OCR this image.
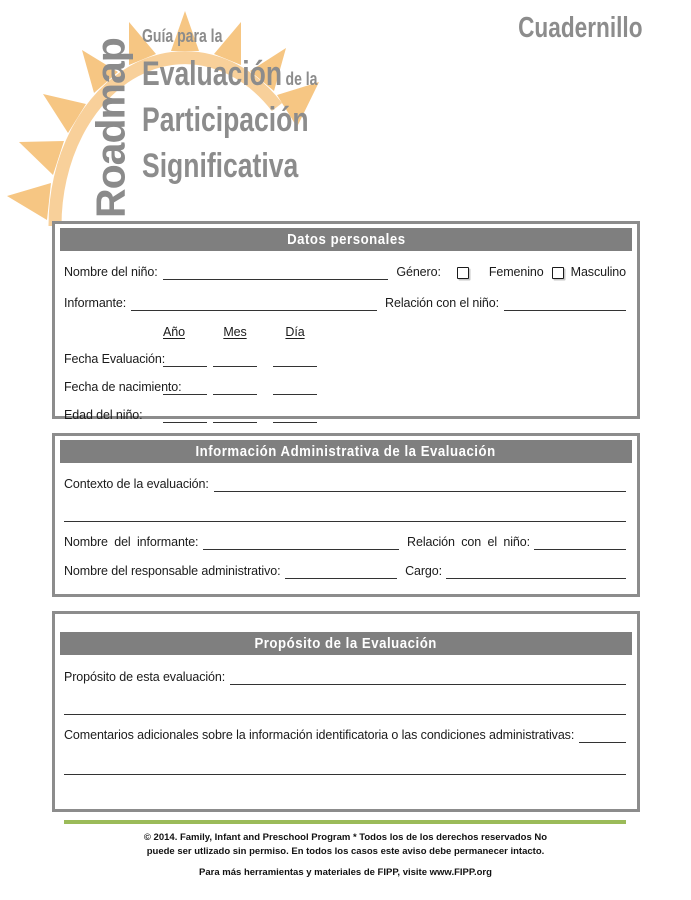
Roadmap
Guía para la
Evaluación de la
Participación
Significativa
Cuadernillo
Datos personales
Nombre del niño:	Género:	Femenino Masculino
Informante:	Relación con el niño:
Año	Mes	Día
Fecha Evaluación:
Fecha de nacimiento:
Edad del niño:
Información Administrativa de la Evaluación
Contexto de la evaluación:
Nombre del informante:	Relación con el niño:
Nombre del responsable administrativo:	Cargo:
Propósito de la Evaluación
Propósito de esta evaluación:
Comentarios adicionales sobre la información identificatoria o las condiciones administrativas:
© 2014. Family, Infant and Preschool Program * Todos los de los derechos reservados No
puede ser utlizado sin permiso. En todos los casos este aviso debe permanecer intacto.
Para más herramientas y materiales de FIPP, visite www.FIPP.org
